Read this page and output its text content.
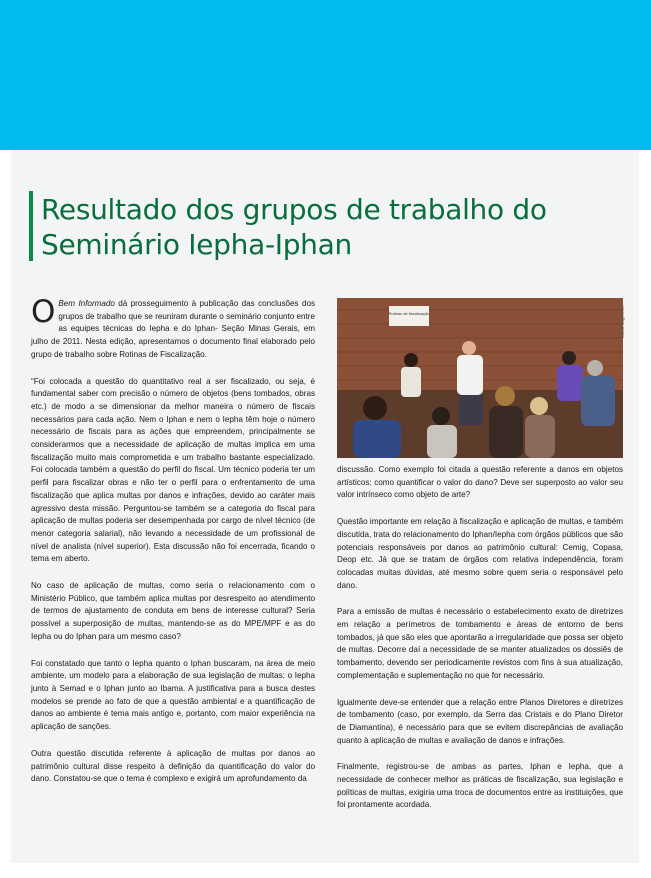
Resultado dos grupos de trabalho do
Seminário Iepha-Iphan

O Bem Informado dá prosseguimento à publicação das conclusões dos grupos de trabalho que se reuniram durante o seminário conjunto entre as equipes técnicas do Iepha e do Iphan- Seção Minas Gerais, em julho de 2011. Nesta edição, apresentamos o documento final elaborado pelo grupo de trabalho sobre Rotinas de Fiscalização.

“Foi colocada a questão do quantitativo real a ser fiscalizado, ou seja, é fundamental saber com precisão o número de objetos (bens tombados, obras etc.) de modo a se dimensionar da melhor maneira o número de fiscais necessários para cada ação. Nem o Iphan e nem o Iepha têm hoje o número necessário de fiscais para as ações que empreendem, principalmente se considerarmos que a necessidade de aplicação de multas implica em uma fiscalização muito mais comprometida e um trabalho bastante especializado. Foi colocada também a questão do perfil do fiscal. Um técnico poderia ter um perfil para fiscalizar obras e não ter o perfil para o enfrentamento de uma fiscalização que aplica multas por danos e infrações, devido ao caráter mais agressivo desta missão. Perguntou-se também se a categoria do fiscal para aplicação de multas poderia ser desempenhada por cargo de nível técnico (de menor categoria salarial), não levando a necessidade de um profissional de nível de analista (nível superior). Esta discussão não foi encerrada, ficando o tema em aberto.

No caso de aplicação de multas, como seria o relacionamento com o Ministério Público, que também aplica multas por desrespeito ao atendimento de termos de ajustamento de conduta em bens de interesse cultural? Seria possível a superposição de multas, mantendo-se as do MPE/MPF e as do Iepha ou do Iphan para um mesmo caso?

Foi constatado que tanto o Iepha quanto o Iphan buscaram, na área de meio ambiente, um modelo para a elaboração de sua legislação de multas: o Iepha junto à Semad e o Iphan junto ao Ibama. A justificativa para a busca destes modelos se prende ao fato de que a questão ambiental e a quantificação de danos ao ambiente é tema mais antigo e, portanto, com maior experiência na aplicação de sanções.

Outra questão discutida referente à aplicação de multas por danos ao patrimônio cultural disse respeito à definição da quantificação do valor do dano. Constatou-se que o tema é complexo e exigirá um aprofundamento da

Rotinas de fiscalização	Laura Lage/IMM

discussão. Como exemplo foi citada a questão referente a danos em objetos artísticos: como quantificar o valor do dano? Deve ser superposto ao valor seu valor intrínseco como objeto de arte?

Questão importante em relação à fiscalização e aplicação de multas, e também discutida, trata do relacionamento do Iphan/Iepha com órgãos públicos que são potenciais responsáveis por danos ao patrimônio cultural: Cemig, Copasa, Deop etc. Já que se tratam de órgãos com relativa independência, foram colocadas muitas dúvidas, até mesmo sobre quem seria o responsável pelo dano.

Para a emissão de multas é necessário o estabelecimento exato de diretrizes em relação a perímetros de tombamento e áreas de entorno de bens tombados, já que são eles que apontarão a irregularidade que possa ser objeto de multas. Decorre daí a necessidade de se manter atualizados os dossiês de tombamento, devendo ser periodicamente revistos com fins à sua atualização, complementação e suplementação no que for necessário.

Igualmente deve-se entender que a relação entre Planos Diretores e diretrizes de tombamento (caso, por exemplo, da Serra das Cristais e do Plano Diretor de Diamantina), é necessário para que se evitem discrepâncias de avaliação quanto à aplicação de multas e avaliação de danos e infrações.

Finalmente, registrou-se de ambas as partes, Iphan e Iepha, que a necessidade de conhecer melhor as práticas de fiscalização, sua legislação e políticas de multas, exigiria uma troca de documentos entre as instituições, que foi prontamente acordada.
